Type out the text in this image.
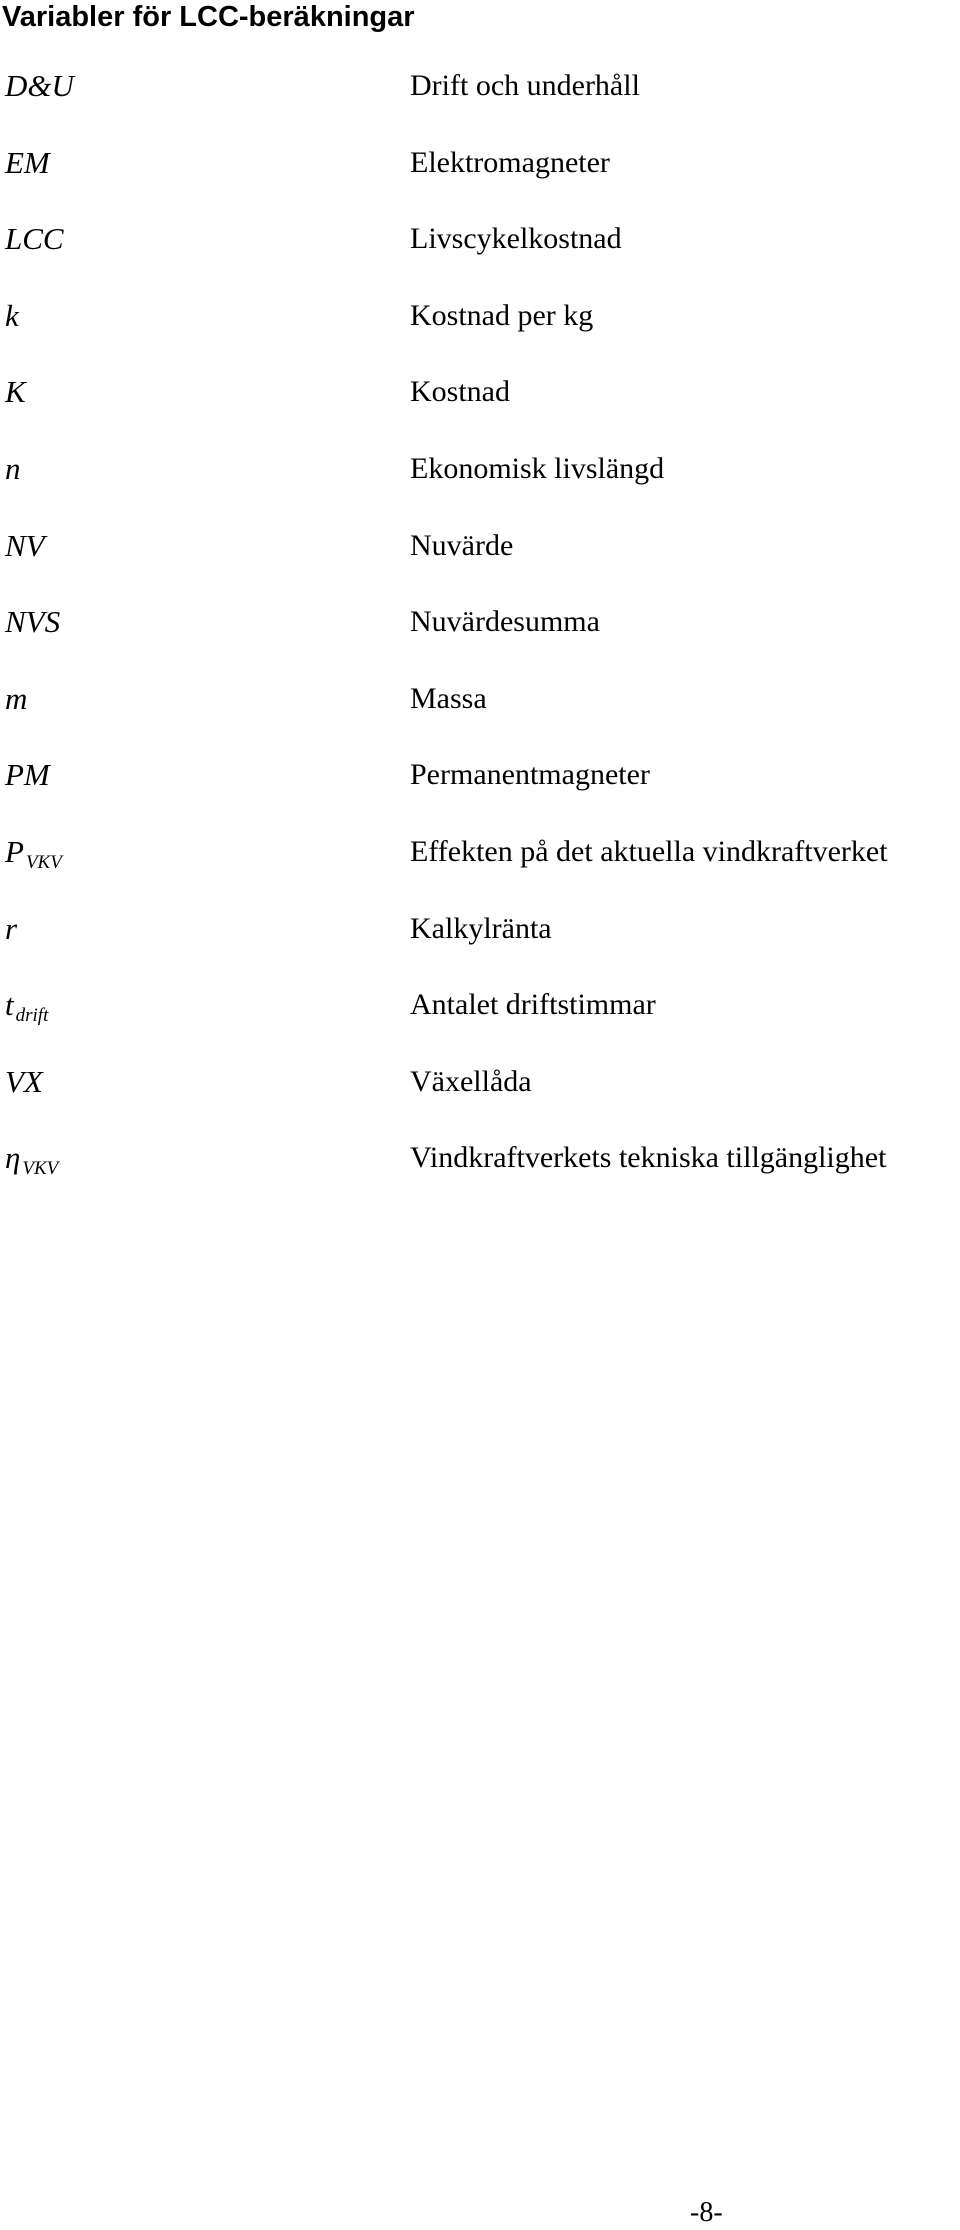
Variabler för LCC-beräkningar
D&U	Drift och underhåll
EM	Elektromagneter
LCC	Livscykelkostnad
k	Kostnad per kg
K	Kostnad
n	Ekonomisk livslängd
NV	Nuvärde
NVS	Nuvärdesumma
m	Massa
PM	Permanentmagneter
PVKV	Effekten på det aktuella vindkraftverket
r	Kalkylränta
tdrift	Antalet driftstimmar
VX	Växellåda
ηVKV	Vindkraftverkets tekniska tillgänglighet
-8-
